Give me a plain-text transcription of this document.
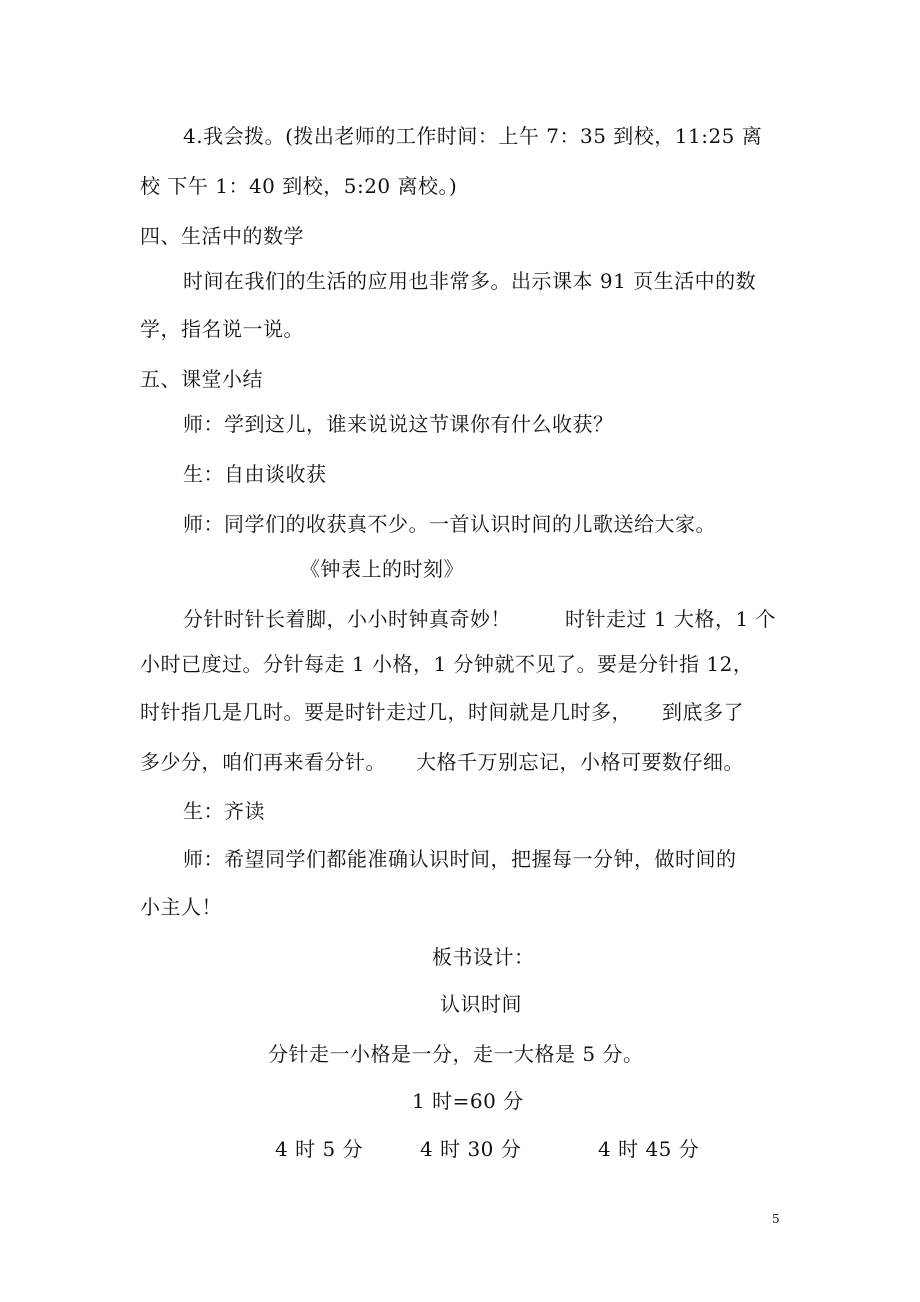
4.我会拨。(拨出老师的工作时间：上午 7：35 到校，11:25 离
校 下午 1：40 到校，5:20 离校。)
四、生活中的数学
时间在我们的生活的应用也非常多。出示课本 91 页生活中的数
学，指名说一说。
五、课堂小结
师：学到这儿，谁来说说这节课你有什么收获？
生：自由谈收获
师：同学们的收获真不少。一首认识时间的儿歌送给大家。
《钟表上的时刻》
分针时针长着脚，小小时钟真奇妙！	时针走过 1 大格，1 个
小时已度过。分针每走 1 小格，1 分钟就不见了。要是分针指 12，
时针指几是几时。要是时针走过几，时间就是几时多， 到底多了
多少分，咱们再来看分针。 大格千万别忘记，小格可要数仔细。
生：齐读
师：希望同学们都能准确认识时间，把握每一分钟，做时间的
小主人！
板书设计：
认识时间
分针走一小格是一分，走一大格是 5 分。
1 时=60 分
4 时 5 分	4 时 30 分	4 时 45 分
5
